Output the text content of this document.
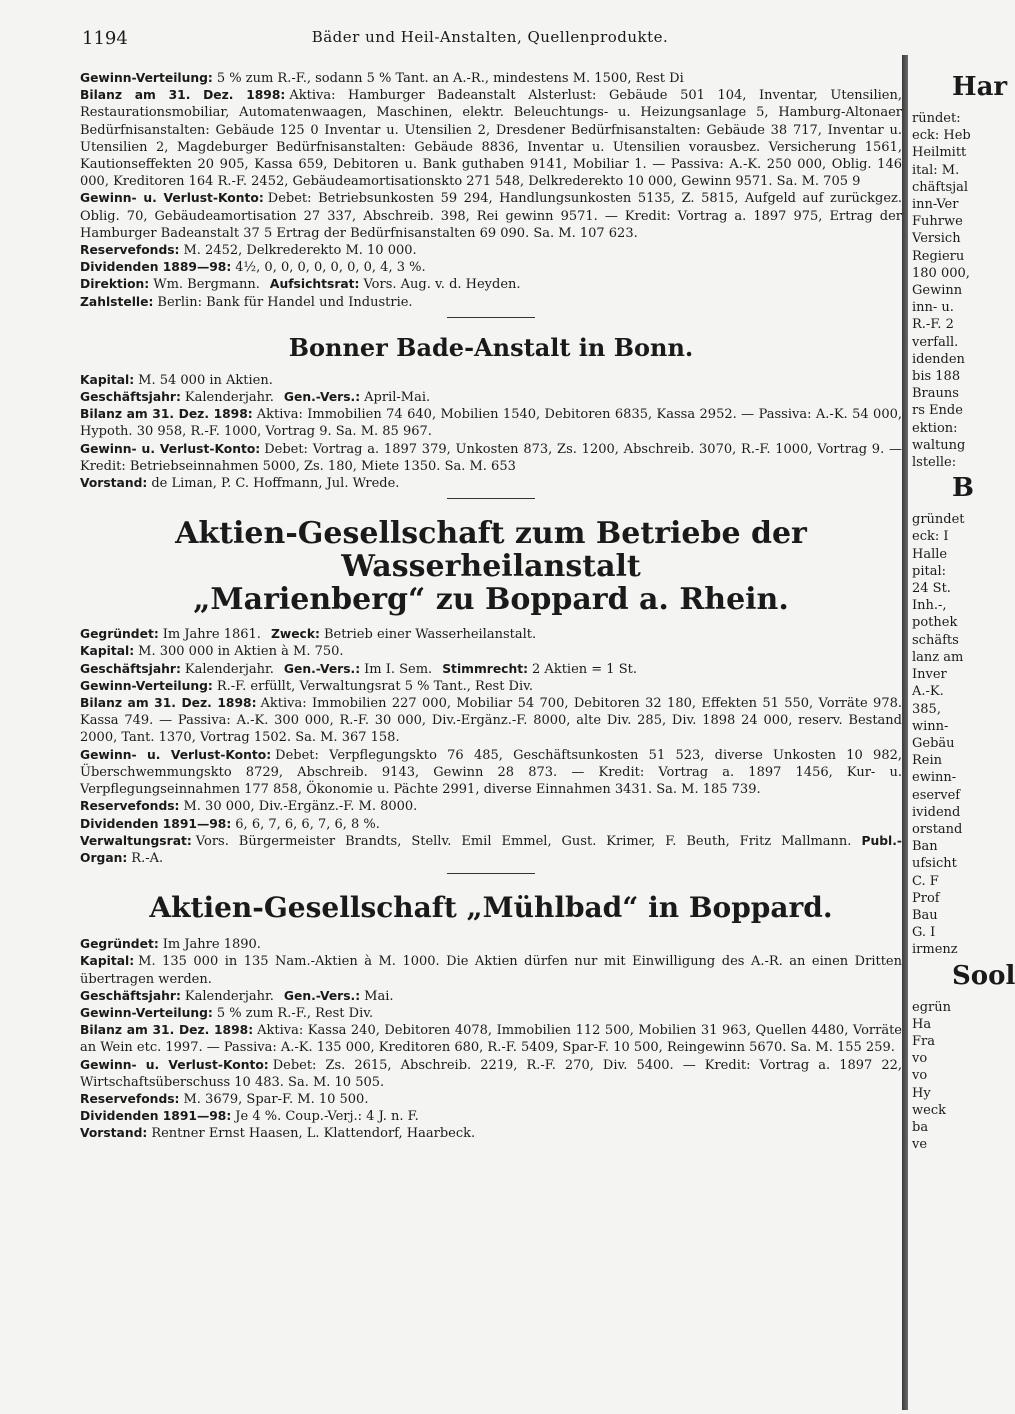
1194	Bäder und Heil-Anstalten, Quellenprodukte.

Gewinn-Verteilung: 5 % zum R.-F., sodann 5 % Tant. an A.-R., mindestens M. 1500, Rest Di

Bilanz am 31. Dez. 1898: Aktiva: Hamburger Badeanstalt Alsterlust: Gebäude 501 104, Inventar, Utensilien, Restaurationsmobiliar, Automatenwaagen, Maschinen, elektr. Beleuchtungs- u. Heizungsanlage 5, Hamburg-Altonaer Bedürfnisanstalten: Gebäude 125 0 Inventar u. Utensilien 2, Dresdener Bedürfnisanstalten: Gebäude 38 717, Inventar u. Utensilien 2, Magdeburger Bedürfnisanstalten: Gebäude 8836, Inventar u. Utensilien vorausbez. Versicherung 1561, Kautionseffekten 20 905, Kassa 659, Debitoren u. Bank guthaben 9141, Mobiliar 1. — Passiva: A.-K. 250 000, Oblig. 146 000, Kreditoren 164 R.-F. 2452, Gebäudeamortisationskto 271 548, Delkrederekto 10 000, Gewinn 9571. Sa. M. 705 9

Gewinn- u. Verlust-Konto: Debet: Betriebsunkosten 59 294, Handlungsunkosten 5135, Z. 5815, Aufgeld auf zurückgez. Oblig. 70, Gebäudeamortisation 27 337, Abschreib. 398, Rei gewinn 9571. — Kredit: Vortrag a. 1897 975, Ertrag der Hamburger Badeanstalt 37 5 Ertrag der Bedürfnisanstalten 69 090. Sa. M. 107 623.

Reservefonds: M. 2452, Delkrederekto M. 10 000.

Dividenden 1889—98: 4½, 0, 0, 0, 0, 0, 0, 0, 4, 3 %.

Direktion: Wm. Bergmann. Aufsichtsrat: Vors. Aug. v. d. Heyden.

Zahlstelle: Berlin: Bank für Handel und Industrie.

Bonner Bade-Anstalt in Bonn.

Kapital: M. 54 000 in Aktien.

Geschäftsjahr: Kalenderjahr. Gen.-Vers.: April-Mai.

Bilanz am 31. Dez. 1898: Aktiva: Immobilien 74 640, Mobilien 1540, Debitoren 6835, Kassa 2952. — Passiva: A.-K. 54 000, Hypoth. 30 958, R.-F. 1000, Vortrag 9. Sa. M. 85 967.

Gewinn- u. Verlust-Konto: Debet: Vortrag a. 1897 379, Unkosten 873, Zs. 1200, Abschreib. 3070, R.-F. 1000, Vortrag 9. — Kredit: Betriebseinnahmen 5000, Zs. 180, Miete 1350. Sa. M. 653

Vorstand: de Liman, P. C. Hoffmann, Jul. Wrede.

Aktien-Gesellschaft zum Betriebe der Wasserheilanstalt
„Marienberg“ zu Boppard a. Rhein.

Gegründet: Im Jahre 1861. Zweck: Betrieb einer Wasserheilanstalt.

Kapital: M. 300 000 in Aktien à M. 750.

Geschäftsjahr: Kalenderjahr. Gen.-Vers.: Im I. Sem. Stimmrecht: 2 Aktien = 1 St.

Gewinn-Verteilung: R.-F. erfüllt, Verwaltungsrat 5 % Tant., Rest Div.

Bilanz am 31. Dez. 1898: Aktiva: Immobilien 227 000, Mobiliar 54 700, Debitoren 32 180, Effekten 51 550, Vorräte 978. Kassa 749. — Passiva: A.-K. 300 000, R.-F. 30 000, Div.-Ergänz.-F. 8000, alte Div. 285, Div. 1898 24 000, reserv. Bestand 2000, Tant. 1370, Vortrag 1502. Sa. M. 367 158.

Gewinn- u. Verlust-Konto: Debet: Verpflegungskto 76 485, Geschäftsunkosten 51 523, diverse Unkosten 10 982, Überschwemmungskto 8729, Abschreib. 9143, Gewinn 28 873. — Kredit: Vortrag a. 1897 1456, Kur- u. Verpflegungseinnahmen 177 858, Ökonomie u. Pächte 2991, diverse Einnahmen 3431. Sa. M. 185 739.

Reservefonds: M. 30 000, Div.-Ergänz.-F. M. 8000.

Dividenden 1891—98: 6, 6, 7, 6, 6, 7, 6, 8 %.

Verwaltungsrat: Vors. Bürgermeister Brandts, Stellv. Emil Emmel, Gust. Krimer, F. Beuth, Fritz Mallmann. Publ.-Organ: R.-A.

Aktien-Gesellschaft „Mühlbad“ in Boppard.

Gegründet: Im Jahre 1890.

Kapital: M. 135 000 in 135 Nam.-Aktien à M. 1000. Die Aktien dürfen nur mit Einwilligung des A.-R. an einen Dritten übertragen werden.

Geschäftsjahr: Kalenderjahr. Gen.-Vers.: Mai.

Gewinn-Verteilung: 5 % zum R.-F., Rest Div.

Bilanz am 31. Dez. 1898: Aktiva: Kassa 240, Debitoren 4078, Immobilien 112 500, Mobilien 31 963, Quellen 4480, Vorräte an Wein etc. 1997. — Passiva: A.-K. 135 000, Kreditoren 680, R.-F. 5409, Spar-F. 10 500, Reingewinn 5670. Sa. M. 155 259.

Gewinn- u. Verlust-Konto: Debet: Zs. 2615, Abschreib. 2219, R.-F. 270, Div. 5400. — Kredit: Vortrag a. 1897 22, Wirtschaftsüberschuss 10 483. Sa. M. 10 505.

Reservefonds: M. 3679, Spar-F. M. 10 500.

Dividenden 1891—98: Je 4 %. Coup.-Verj.: 4 J. n. F.

Vorstand: Rentner Ernst Haasen, L. Klattendorf, Haarbeck.

Har
ründet:
eck: Heb
Heilmitt
ital: M.
chäftsjal
inn-Ver
Fuhrwe
Versich
Regieru
180 000,
Gewinn
inn- u.
R.-F. 2
verfall.
idenden
bis 188
Brauns
rs Ende
ektion:
waltung
lstelle:
B
gründet
eck: I
Halle
pital:
24 St.
Inh.-,
pothek
schäfts
lanz am
Inver
A.-K.
385,
winn-
Gebäu
Rein
ewinn-
eservef
ividend
orstand
Ban
ufsicht
C. F
Prof
Bau
G. I
irmenz
Sool
egrün
Ha
Fra
vo
vo
Hy
weck
ba
ve
